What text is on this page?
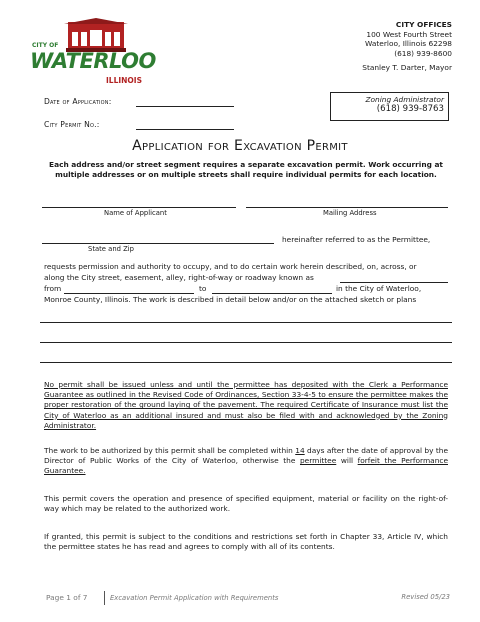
CITY OF
WATERLOO
ILLINOIS
CITY OFFICES
100 West Fourth Street
Waterloo, Illinois 62298
(618) 939-8600
Stanley T. Darter, Mayor
Date of Application:
City Permit No.:
Zoning Administrator
(618) 939-8763
Application for Excavation Permit
Each address and/or street segment requires a separate excavation permit. Work occurring at multiple addresses or on multiple streets shall require individual permits for each location.
Name of Applicant	Mailing Address
hereinafter referred to as the Permittee,
State and Zip
requests permission and authority to occupy, and to do certain work herein described, on, across, or
along the City street, easement, alley, right-of-way or roadway known as
from	to	in the City of Waterloo,
Monroe County, Illinois. The work is described in detail below and/or on the attached sketch or plans
No permit shall be issued unless and until the permittee has deposited with the Clerk a Performance Guarantee as outlined in the Revised Code of Ordinances, Section 33-4-5 to ensure the permittee makes the proper restoration of the ground laying of the pavement. The required Certificate of Insurance must list the City of Waterloo as an additional insured and must also be filed with and acknowledged by the Zoning Administrator.
The work to be authorized by this permit shall be completed within 14 days after the date of approval by the Director of Public Works of the City of Waterloo, otherwise the permittee will forfeit the Performance Guarantee.
This permit covers the operation and presence of specified equipment, material or facility on the right-of-way which may be related to the authorized work.
If granted, this permit is subject to the conditions and restrictions set forth in Chapter 33, Article IV, which the permittee states he has read and agrees to comply with all of its contents.
Page 1 of 7	Excavation Permit Application with Requirements	Revised 05/23
